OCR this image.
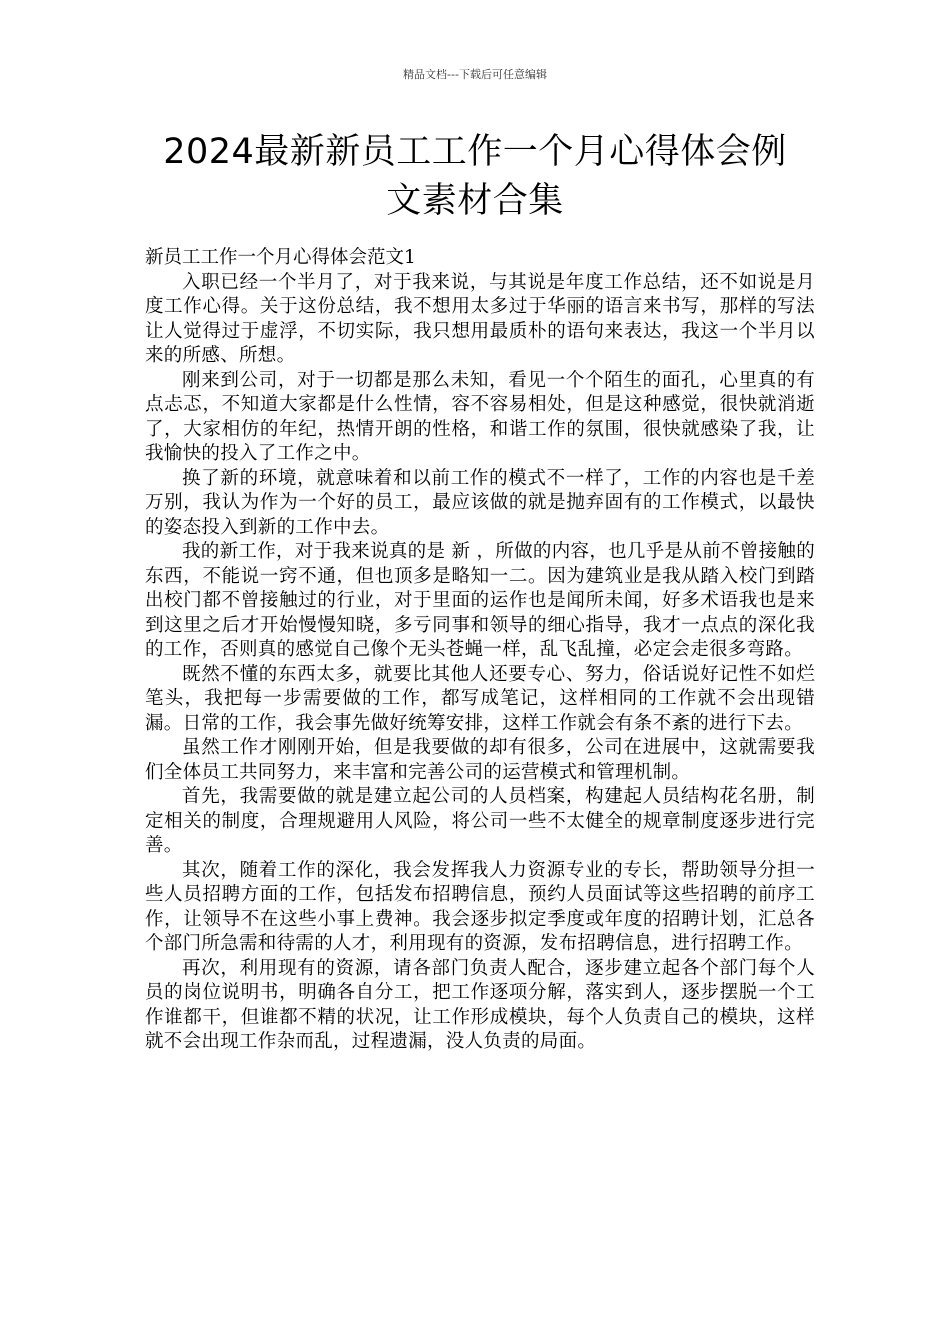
精品文档---下载后可任意编辑
2024最新新员工工作一个月心得体会例
文素材合集

新员工工作一个月心得体会范文1

入职已经一个半月了，对于我来说，与其说是年度工作总结，还不如说是月度工作心得。关于这份总结，我不想用太多过于华丽的语言来书写，那样的写法让人觉得过于虚浮，不切实际，我只想用最质朴的语句来表达，我这一个半月以来的所感、所想。

刚来到公司，对于一切都是那么未知，看见一个个陌生的面孔，心里真的有点忐忑，不知道大家都是什么性情，容不容易相处，但是这种感觉，很快就消逝了，大家相仿的年纪，热情开朗的性格，和谐工作的氛围，很快就感染了我，让我愉快的投入了工作之中。

换了新的环境，就意味着和以前工作的模式不一样了，工作的内容也是千差万别，我认为作为一个好的员工，最应该做的就是抛弃固有的工作模式，以最快的姿态投入到新的工作中去。

我的新工作，对于我来说真的是 新 ，所做的内容，也几乎是从前不曾接触的东西，不能说一窍不通，但也顶多是略知一二。因为建筑业是我从踏入校门到踏出校门都不曾接触过的行业，对于里面的运作也是闻所未闻，好多术语我也是来到这里之后才开始慢慢知晓，多亏同事和领导的细心指导，我才一点点的深化我的工作，否则真的感觉自己像个无头苍蝇一样，乱飞乱撞，必定会走很多弯路。

既然不懂的东西太多，就要比其他人还要专心、努力，俗话说好记性不如烂笔头，我把每一步需要做的工作，都写成笔记，这样相同的工作就不会出现错漏。日常的工作，我会事先做好统筹安排，这样工作就会有条不紊的进行下去。

虽然工作才刚刚开始，但是我要做的却有很多，公司在进展中，这就需要我们全体员工共同努力，来丰富和完善公司的运营模式和管理机制。

首先，我需要做的就是建立起公司的人员档案，构建起人员结构花名册，制定相关的制度，合理规避用人风险，将公司一些不太健全的规章制度逐步进行完善。

其次，随着工作的深化，我会发挥我人力资源专业的专长，帮助领导分担一些人员招聘方面的工作，包括发布招聘信息，预约人员面试等这些招聘的前序工作，让领导不在这些小事上费神。我会逐步拟定季度或年度的招聘计划，汇总各个部门所急需和待需的人才，利用现有的资源，发布招聘信息，进行招聘工作。

再次，利用现有的资源，请各部门负责人配合，逐步建立起各个部门每个人员的岗位说明书，明确各自分工，把工作逐项分解，落实到人，逐步摆脱一个工作谁都干，但谁都不精的状况，让工作形成模块，每个人负责自己的模块，这样就不会出现工作杂而乱，过程遗漏，没人负责的局面。
